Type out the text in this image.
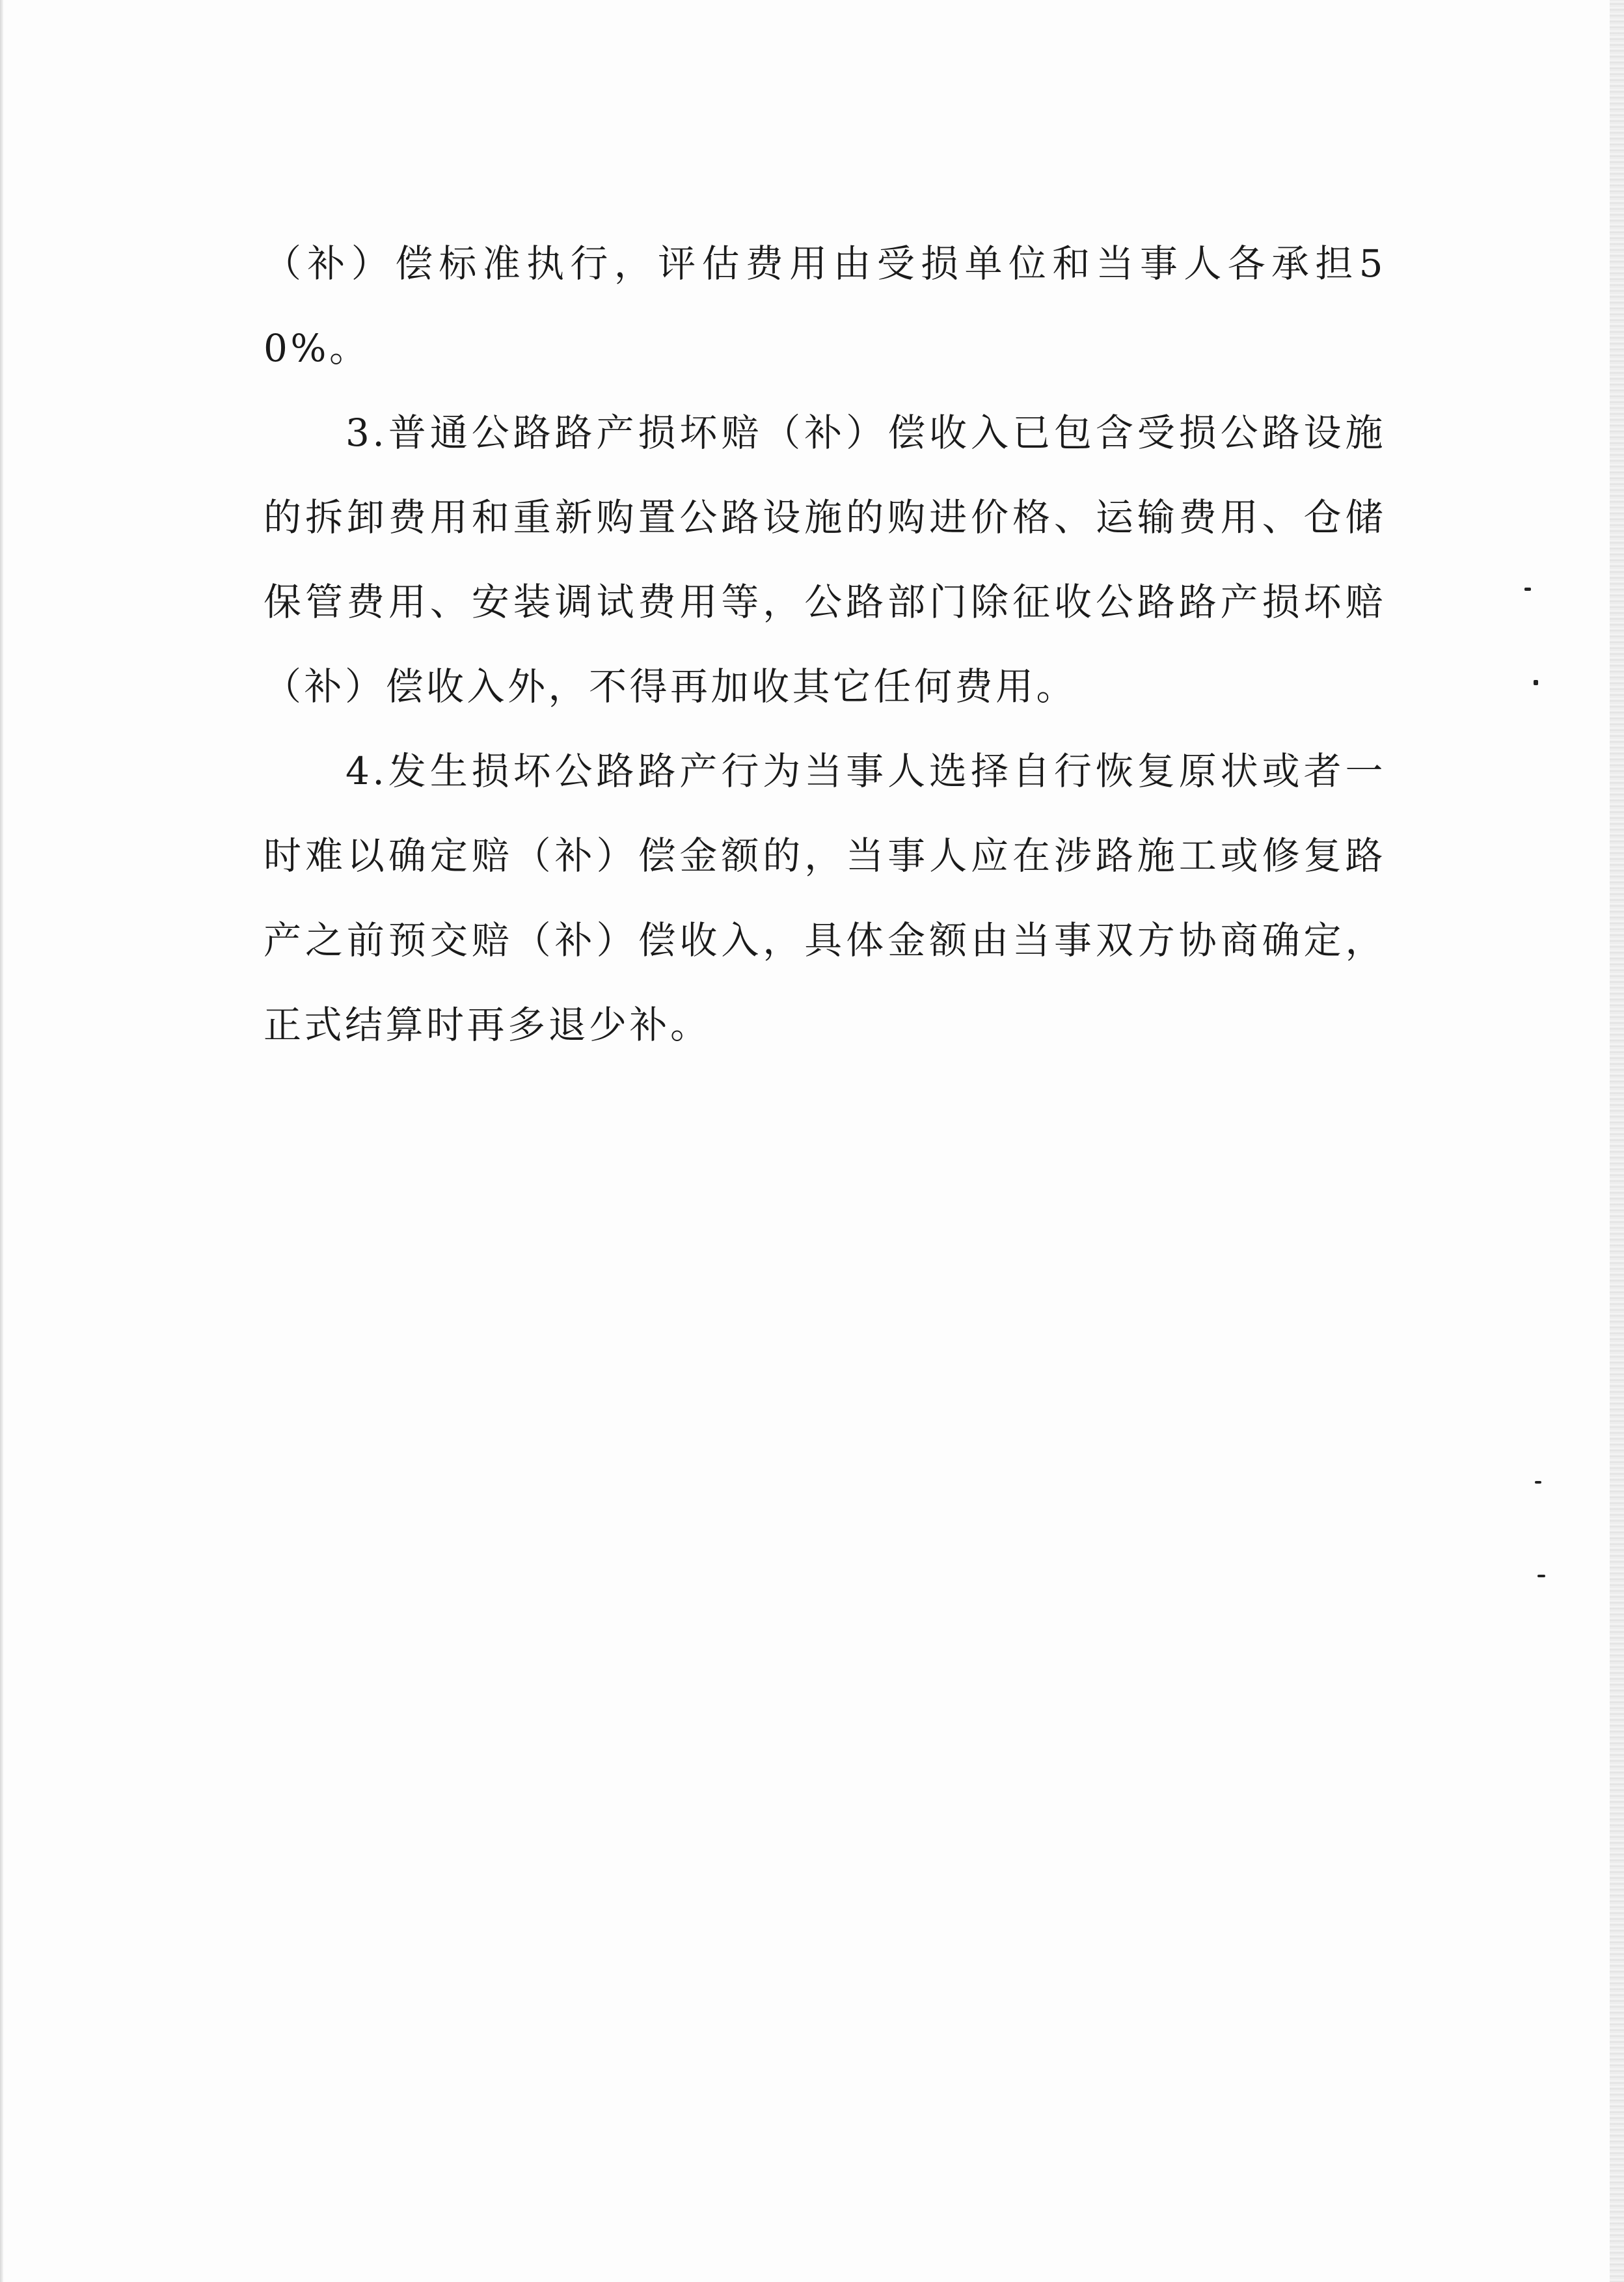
（补）偿标准执行，评估费用由受损单位和当事人各承担50%。

3.普通公路路产损坏赔（补）偿收入已包含受损公路设施的拆卸费用和重新购置公路设施的购进价格、运输费用、仓储保管费用、安装调试费用等，公路部门除征收公路路产损坏赔（补）偿收入外，不得再加收其它任何费用。

4.发生损坏公路路产行为当事人选择自行恢复原状或者一时难以确定赔（补）偿金额的，当事人应在涉路施工或修复路产之前预交赔（补）偿收入，具体金额由当事双方协商确定，正式结算时再多退少补。
